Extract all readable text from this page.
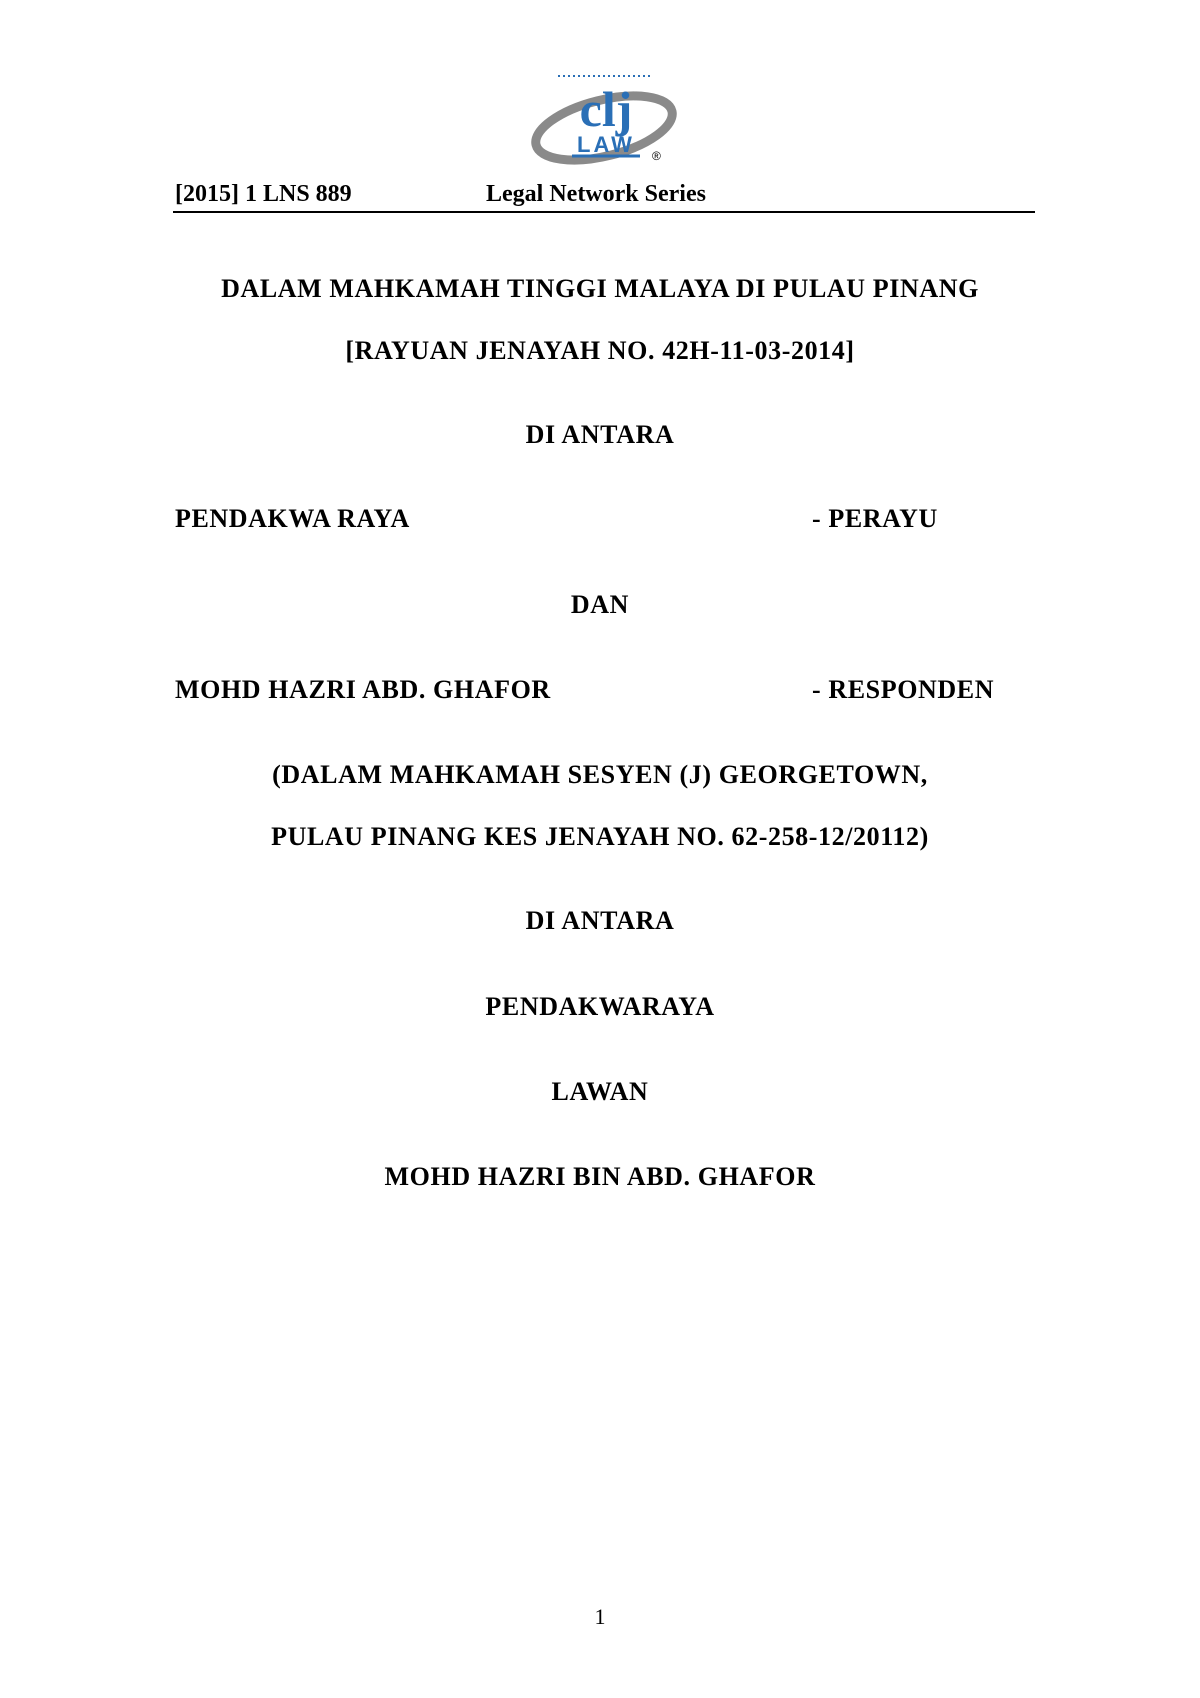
clj
LAW ®
[2015] 1 LNS 889	Legal Network Series
DALAM MAHKAMAH TINGGI MALAYA DI PULAU PINANG
[RAYUAN JENAYAH NO. 42H-11-03-2014]
DI ANTARA
PENDAKWA RAYA	- PERAYU
DAN
MOHD HAZRI ABD. GHAFOR	- RESPONDEN
(DALAM MAHKAMAH SESYEN (J) GEORGETOWN,
PULAU PINANG KES JENAYAH NO. 62-258-12/20112)
DI ANTARA
PENDAKWARAYA
LAWAN
MOHD HAZRI BIN ABD. GHAFOR
1
